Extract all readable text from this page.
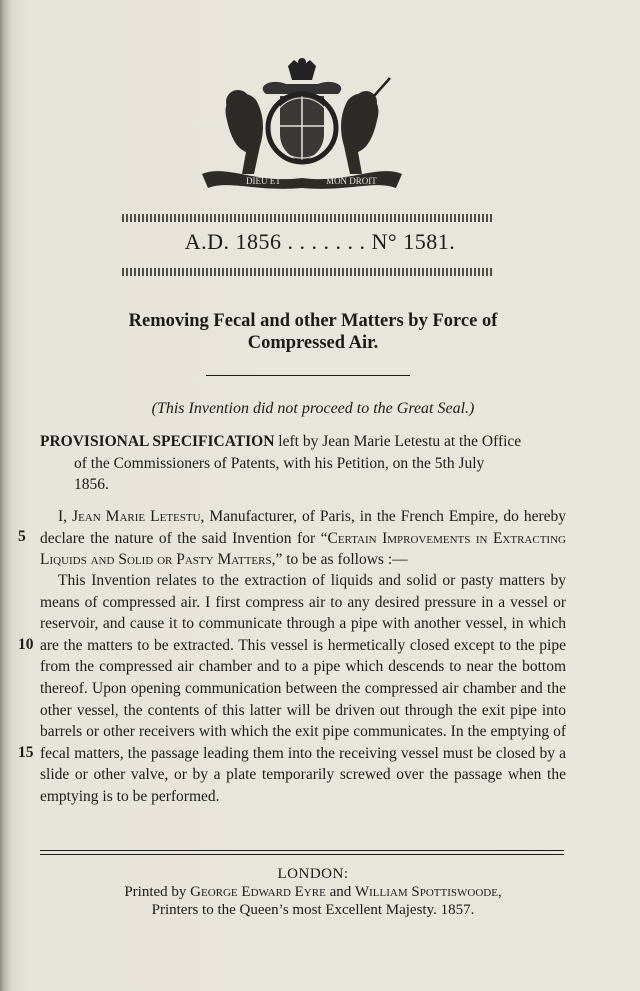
DIEU ET	MON DROIT
A.D. 1856 . . . . . . . N° 1581.
Removing Fecal and other Matters by Force of
Compressed Air.
(This Invention did not proceed to the Great Seal.)
PROVISIONAL SPECIFICATION left by Jean Marie Letestu at the Office
of the Commissioners of Patents, with his Petition, on the 5th July
1856.
I, Jean Marie Letestu, Manufacturer, of Paris, in the French Empire, do hereby declare the nature of the said Invention for “Certain Improvements in Extracting Liquids and Solid or Pasty Matters,” to be as follows :—
This Invention relates to the extraction of liquids and solid or pasty matters by means of compressed air. I first compress air to any desired pressure in a vessel or reservoir, and cause it to communicate through a pipe with another vessel, in which are the matters to be extracted. This vessel is hermetically closed except to the pipe from the compressed air chamber and to a pipe which descends to near the bottom thereof. Upon opening communication between the compressed air chamber and the other vessel, the contents of this latter will be driven out through the exit pipe into barrels or other receivers with which the exit pipe communicates. In the emptying of fecal matters, the passage leading them into the receiving vessel must be closed by a slide or other valve, or by a plate temporarily screwed over the passage when the emptying is to be performed.
5
10
15
LONDON:
Printed by George Edward Eyre and William Spottiswoode,
Printers to the Queen’s most Excellent Majesty. 1857.
